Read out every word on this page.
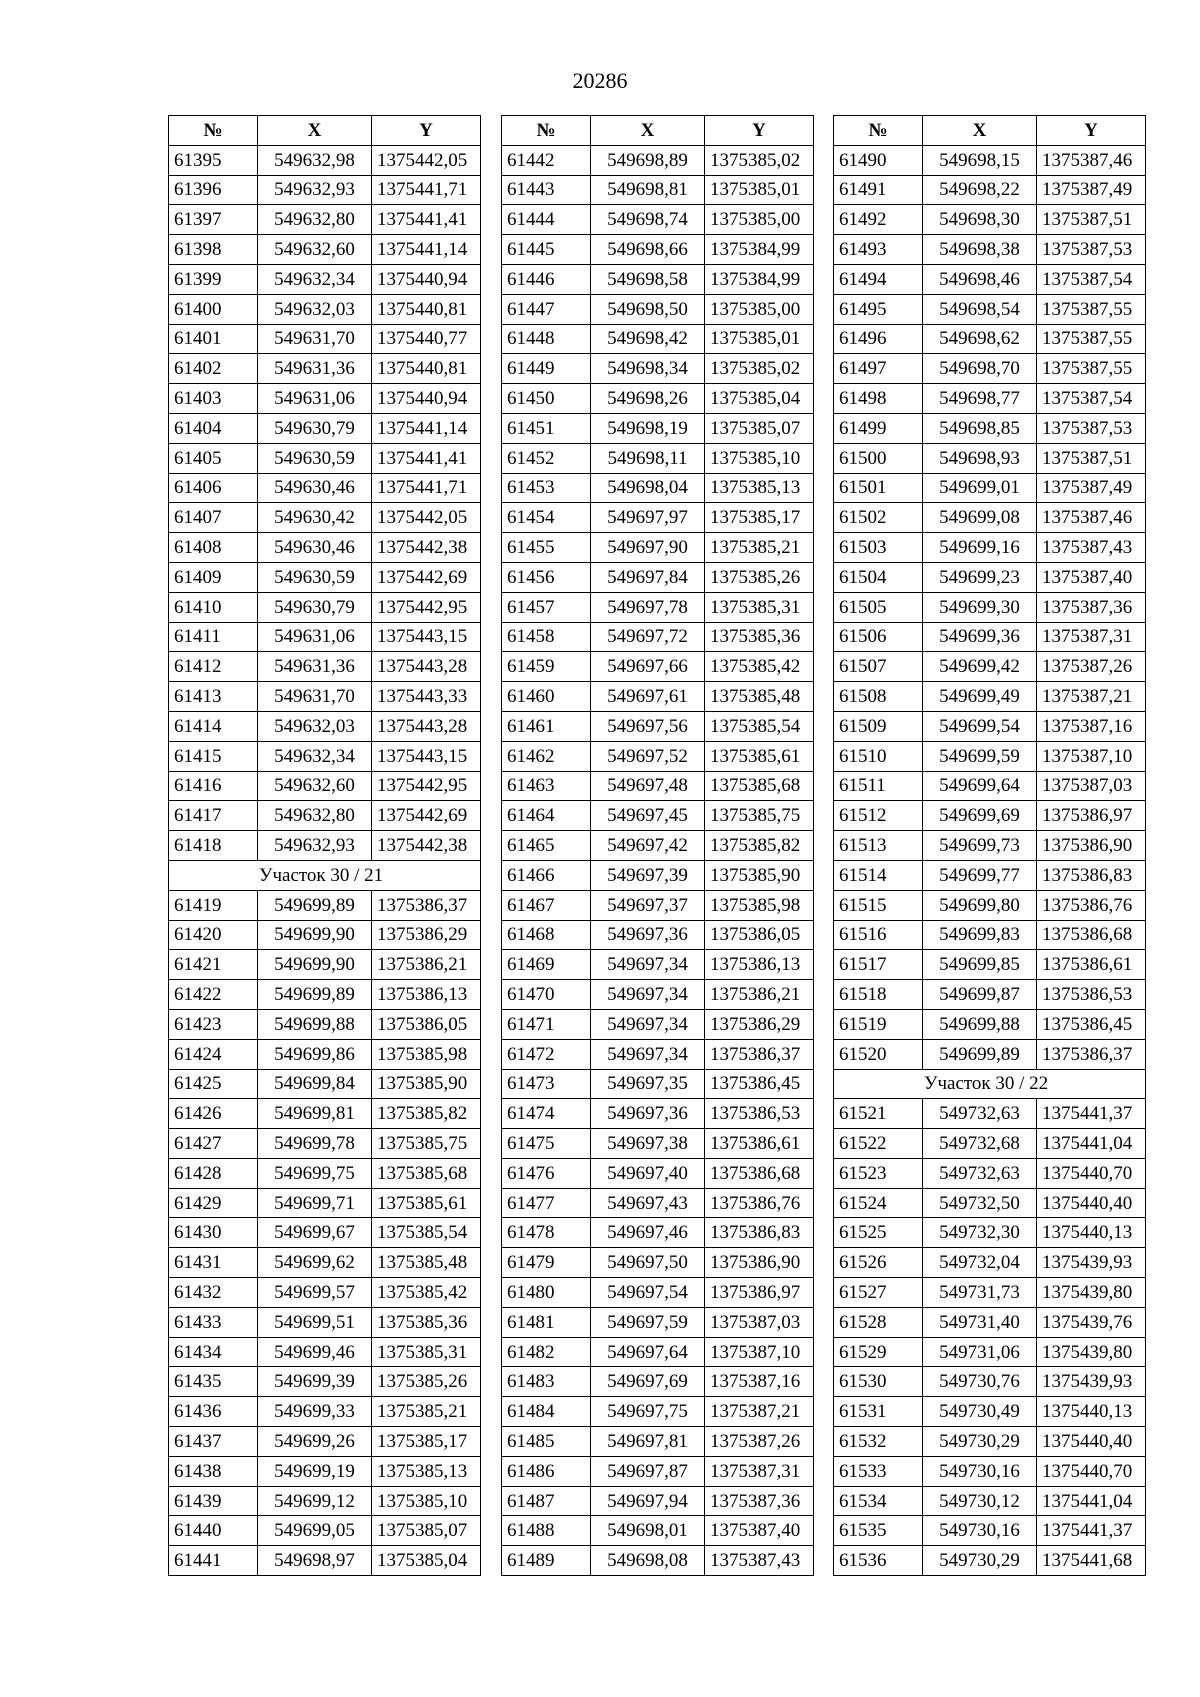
20286
№	X	Y
61395	549632,98	1375442,05
61396	549632,93	1375441,71
61397	549632,80	1375441,41
61398	549632,60	1375441,14
61399	549632,34	1375440,94
61400	549632,03	1375440,81
61401	549631,70	1375440,77
61402	549631,36	1375440,81
61403	549631,06	1375440,94
61404	549630,79	1375441,14
61405	549630,59	1375441,41
61406	549630,46	1375441,71
61407	549630,42	1375442,05
61408	549630,46	1375442,38
61409	549630,59	1375442,69
61410	549630,79	1375442,95
61411	549631,06	1375443,15
61412	549631,36	1375443,28
61413	549631,70	1375443,33
61414	549632,03	1375443,28
61415	549632,34	1375443,15
61416	549632,60	1375442,95
61417	549632,80	1375442,69
61418	549632,93	1375442,38
Участок 30 / 21		
61419	549699,89	1375386,37
61420	549699,90	1375386,29
61421	549699,90	1375386,21
61422	549699,89	1375386,13
61423	549699,88	1375386,05
61424	549699,86	1375385,98
61425	549699,84	1375385,90
61426	549699,81	1375385,82
61427	549699,78	1375385,75
61428	549699,75	1375385,68
61429	549699,71	1375385,61
61430	549699,67	1375385,54
61431	549699,62	1375385,48
61432	549699,57	1375385,42
61433	549699,51	1375385,36
61434	549699,46	1375385,31
61435	549699,39	1375385,26
61436	549699,33	1375385,21
61437	549699,26	1375385,17
61438	549699,19	1375385,13
61439	549699,12	1375385,10
61440	549699,05	1375385,07
61441	549698,97	1375385,04
№	X	Y
61442	549698,89	1375385,02
61443	549698,81	1375385,01
61444	549698,74	1375385,00
61445	549698,66	1375384,99
61446	549698,58	1375384,99
61447	549698,50	1375385,00
61448	549698,42	1375385,01
61449	549698,34	1375385,02
61450	549698,26	1375385,04
61451	549698,19	1375385,07
61452	549698,11	1375385,10
61453	549698,04	1375385,13
61454	549697,97	1375385,17
61455	549697,90	1375385,21
61456	549697,84	1375385,26
61457	549697,78	1375385,31
61458	549697,72	1375385,36
61459	549697,66	1375385,42
61460	549697,61	1375385,48
61461	549697,56	1375385,54
61462	549697,52	1375385,61
61463	549697,48	1375385,68
61464	549697,45	1375385,75
61465	549697,42	1375385,82
61466	549697,39	1375385,90
61467	549697,37	1375385,98
61468	549697,36	1375386,05
61469	549697,34	1375386,13
61470	549697,34	1375386,21
61471	549697,34	1375386,29
61472	549697,34	1375386,37
61473	549697,35	1375386,45
61474	549697,36	1375386,53
61475	549697,38	1375386,61
61476	549697,40	1375386,68
61477	549697,43	1375386,76
61478	549697,46	1375386,83
61479	549697,50	1375386,90
61480	549697,54	1375386,97
61481	549697,59	1375387,03
61482	549697,64	1375387,10
61483	549697,69	1375387,16
61484	549697,75	1375387,21
61485	549697,81	1375387,26
61486	549697,87	1375387,31
61487	549697,94	1375387,36
61488	549698,01	1375387,40
61489	549698,08	1375387,43
№	X	Y
61490	549698,15	1375387,46
61491	549698,22	1375387,49
61492	549698,30	1375387,51
61493	549698,38	1375387,53
61494	549698,46	1375387,54
61495	549698,54	1375387,55
61496	549698,62	1375387,55
61497	549698,70	1375387,55
61498	549698,77	1375387,54
61499	549698,85	1375387,53
61500	549698,93	1375387,51
61501	549699,01	1375387,49
61502	549699,08	1375387,46
61503	549699,16	1375387,43
61504	549699,23	1375387,40
61505	549699,30	1375387,36
61506	549699,36	1375387,31
61507	549699,42	1375387,26
61508	549699,49	1375387,21
61509	549699,54	1375387,16
61510	549699,59	1375387,10
61511	549699,64	1375387,03
61512	549699,69	1375386,97
61513	549699,73	1375386,90
61514	549699,77	1375386,83
61515	549699,80	1375386,76
61516	549699,83	1375386,68
61517	549699,85	1375386,61
61518	549699,87	1375386,53
61519	549699,88	1375386,45
61520	549699,89	1375386,37
Участок 30 / 22		
61521	549732,63	1375441,37
61522	549732,68	1375441,04
61523	549732,63	1375440,70
61524	549732,50	1375440,40
61525	549732,30	1375440,13
61526	549732,04	1375439,93
61527	549731,73	1375439,80
61528	549731,40	1375439,76
61529	549731,06	1375439,80
61530	549730,76	1375439,93
61531	549730,49	1375440,13
61532	549730,29	1375440,40
61533	549730,16	1375440,70
61534	549730,12	1375441,04
61535	549730,16	1375441,37
61536	549730,29	1375441,68
